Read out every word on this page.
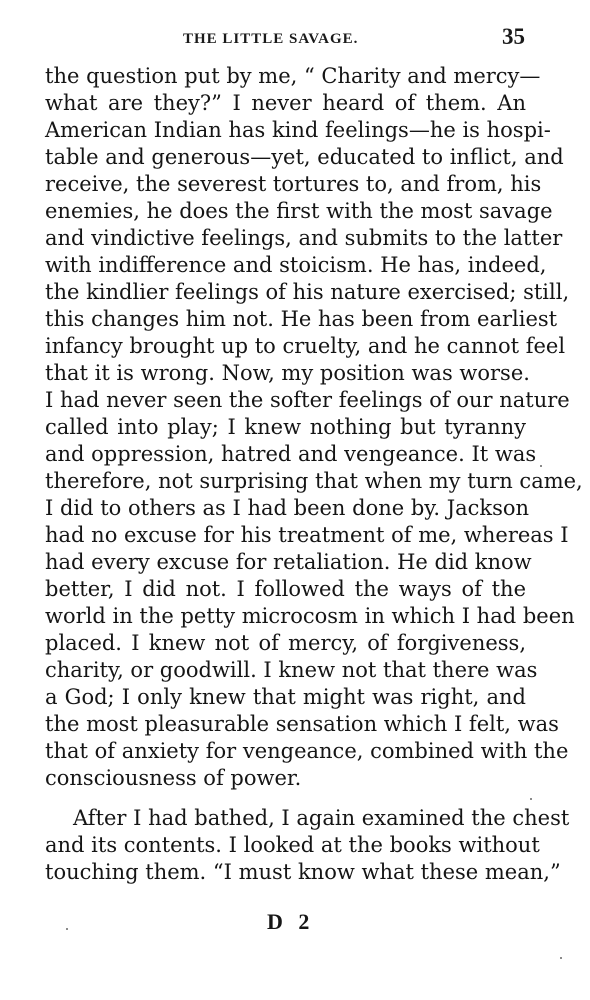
THE LITTLE SAVAGE.	35
the question put by me, “ Charity and mercy—
what are they?” I never heard of them. An
American Indian has kind feelings—he is hospi-
table and generous—yet, educated to inflict, and
receive, the severest tortures to, and from, his
enemies, he does the first with the most savage
and vindictive feelings, and submits to the latter
with indifference and stoicism. He has, indeed,
the kindlier feelings of his nature exercised; still,
this changes him not. He has been from earliest
infancy brought up to cruelty, and he cannot feel
that it is wrong. Now, my position was worse.
I had never seen the softer feelings of our nature
called into play; I knew nothing but tyranny
and oppression, hatred and vengeance. It was
therefore, not surprising that when my turn came,
I did to others as I had been done by. Jackson
had no excuse for his treatment of me, whereas I
had every excuse for retaliation. He did know
better, I did not. I followed the ways of the
world in the petty microcosm in which I had been
placed. I knew not of mercy, of forgiveness,
charity, or goodwill. I knew not that there was
a God; I only knew that might was right, and
the most pleasurable sensation which I felt, was
that of anxiety for vengeance, combined with the
consciousness of power.
After I had bathed, I again examined the chest
and its contents. I looked at the books without
touching them. “I must know what these mean,”
D 2
